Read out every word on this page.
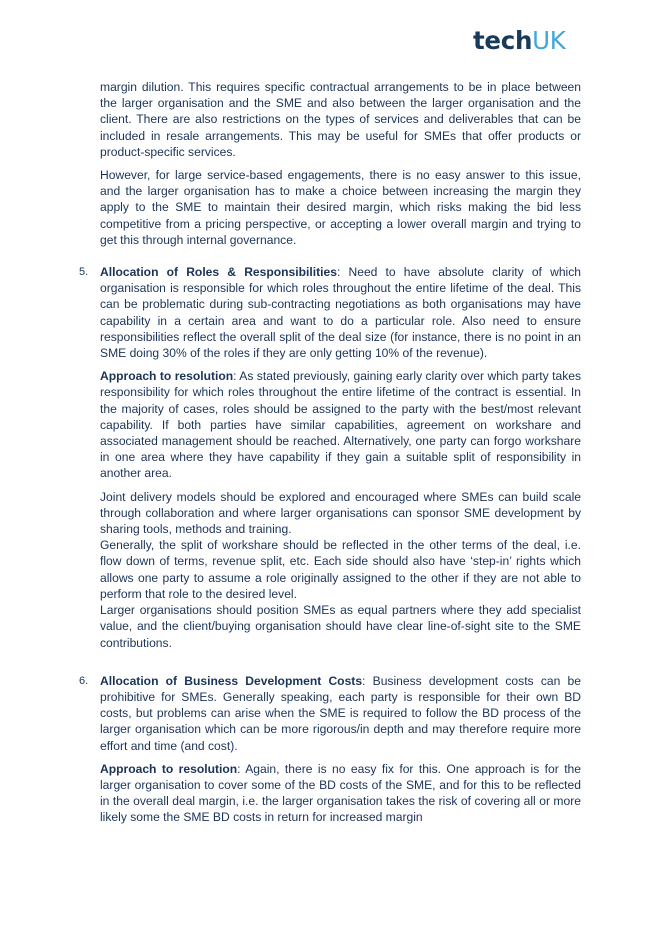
techUK

margin dilution. This requires specific contractual arrangements to be in place between the larger organisation and the SME and also between the larger organisation and the client. There are also restrictions on the types of services and deliverables that can be included in resale arrangements. This may be useful for SMEs that offer products or product-specific services.

However, for large service-based engagements, there is no easy answer to this issue, and the larger organisation has to make a choice between increasing the margin they apply to the SME to maintain their desired margin, which risks making the bid less competitive from a pricing perspective, or accepting a lower overall margin and trying to get this through internal governance.

5. Allocation of Roles & Responsibilities: Need to have absolute clarity of which organisation is responsible for which roles throughout the entire lifetime of the deal. This can be problematic during sub-contracting negotiations as both organisations may have capability in a certain area and want to do a particular role. Also need to ensure responsibilities reflect the overall split of the deal size (for instance, there is no point in an SME doing 30% of the roles if they are only getting 10% of the revenue).

Approach to resolution: As stated previously, gaining early clarity over which party takes responsibility for which roles throughout the entire lifetime of the contract is essential. In the majority of cases, roles should be assigned to the party with the best/most relevant capability. If both parties have similar capabilities, agreement on workshare and associated management should be reached. Alternatively, one party can forgo workshare in one area where they have capability if they gain a suitable split of responsibility in another area.

Joint delivery models should be explored and encouraged where SMEs can build scale through collaboration and where larger organisations can sponsor SME development by sharing tools, methods and training.

Generally, the split of workshare should be reflected in the other terms of the deal, i.e. flow down of terms, revenue split, etc. Each side should also have ‘step-in’ rights which allows one party to assume a role originally assigned to the other if they are not able to perform that role to the desired level.

Larger organisations should position SMEs as equal partners where they add specialist value, and the client/buying organisation should have clear line-of-sight site to the SME contributions.

6. Allocation of Business Development Costs: Business development costs can be prohibitive for SMEs. Generally speaking, each party is responsible for their own BD costs, but problems can arise when the SME is required to follow the BD process of the larger organisation which can be more rigorous/in depth and may therefore require more effort and time (and cost).

Approach to resolution: Again, there is no easy fix for this. One approach is for the larger organisation to cover some of the BD costs of the SME, and for this to be reflected in the overall deal margin, i.e. the larger organisation takes the risk of covering all or more likely some the SME BD costs in return for increased margin
